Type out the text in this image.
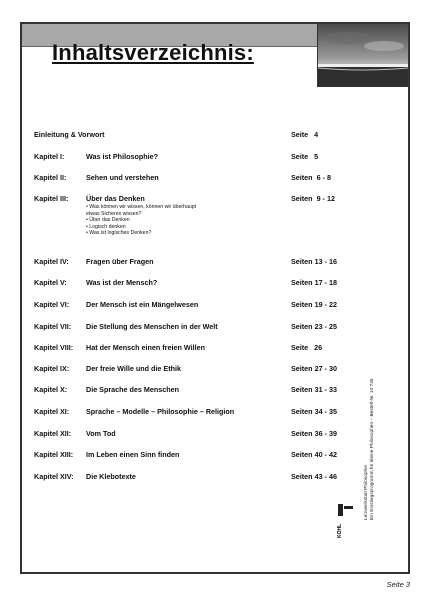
Inhaltsverzeichnis:
Einleitung & Vorwort	Seite   4
Kapitel I:	Was ist Philosophie?	Seite   5
Kapitel II:	Sehen und verstehen	Seiten  6 - 8
Kapitel III: Über das Denken	Seiten  9 - 12
• Was können wir wissen, können wir überhaupt
etwas Sicheres wissen?
• Über das Denken
• Logisch denken
• Was ist logisches Denken?
Kapitel IV: Fragen über Fragen	Seiten 13 - 16
Kapitel V:	Was ist der Mensch?	Seiten 17 - 18
Kapitel VI: Der Mensch ist ein Mängelwesen	Seiten 19 - 22
Kapitel VII: Die Stellung des Menschen in der Welt	Seiten 23 - 25
Kapitel VIII: Hat der Mensch einen freien Willen	Seite   26
Kapitel IX: Der freie Wille und die Ethik	Seiten 27 - 30
Kapitel X:	Die Sprache des Menschen	Seiten 31 - 33
Kapitel XI: Sprache – Modelle – Philosophie – Religion	Seiten 34 - 35
Kapitel XII: Vom Tod	Seiten 36 - 39
Kapitel XIII: Im Leben einen Sinn finden	Seiten 40 - 42
Kapitel XIV: Die Klebotexte	Seiten 43 - 46
KOHL
Lernwerkstatt Philosophie Ein Einstiegsprogramm für kleine Philosophen – Bestell-Nr. 10 745
Seite 3
